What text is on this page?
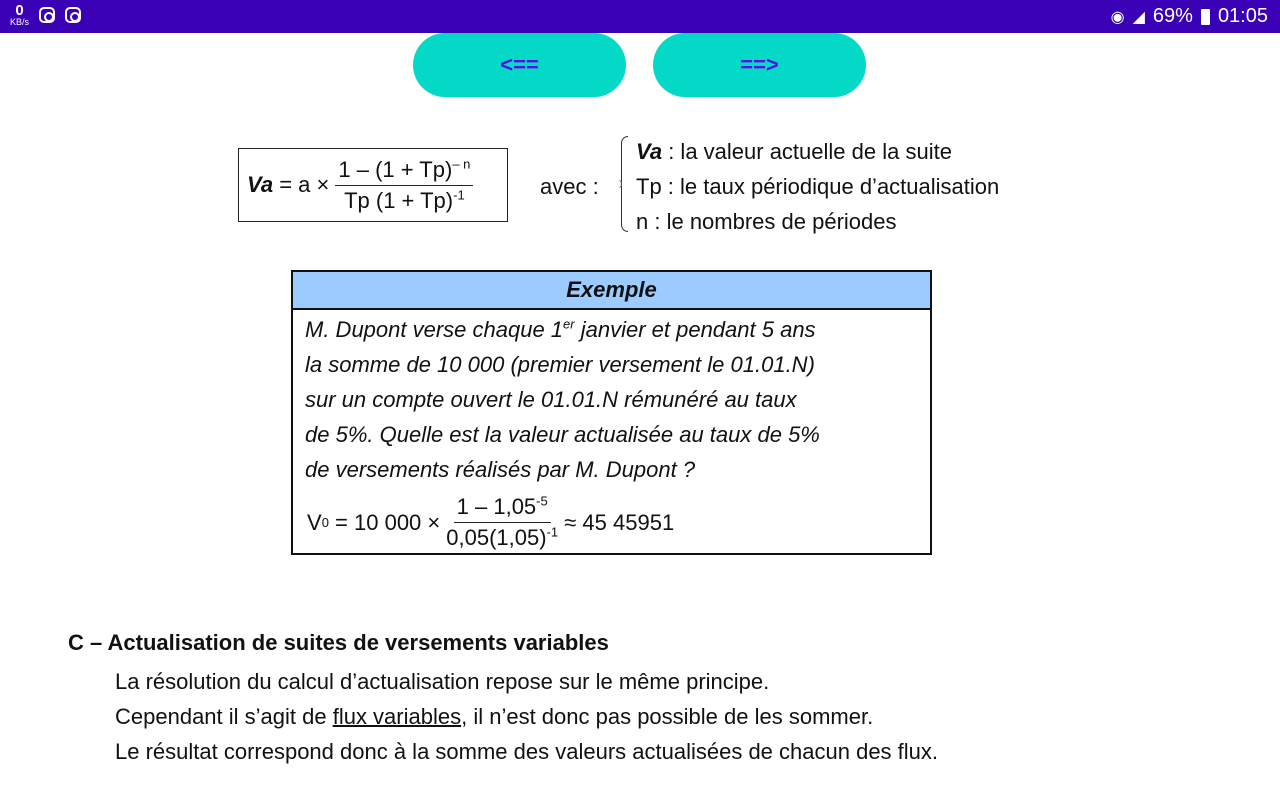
0
KB/s	◉ ◢ 69% 01:05
<==	==>
Va
= $a \times \frac{1 - (1 + Tp)^{- n}}{Tp (1 + Tp)^{-1}}$	avec :
Va : la valeur actuelle de la suite
Tp : le taux périodique d’actualisation
n : le nombres de périodes
Exemple
M. Dupont verse chaque 1er janvier et pendant 5 ans
la somme de 10 000 (premier versement le 01.01.N)
sur un compte ouvert le 01.01.N rémunéré au taux
de 5%. Quelle est la valeur actualisée au taux de 5%
de versements réalisés par M. Dupont ?
V 0
= 10 $000 \times \frac{1 - 1,05^{-5}}{0,05(1,05)^{-1}}$
≈ 45 45951
C – Actualisation de suites de versements variables
La résolution du calcul d’actualisation repose sur le même principe.
Cependant il s’agit de flux variables, il n’est donc pas possible de les sommer.
Le résultat correspond donc à la somme des valeurs actualisées de chacun des flux.
